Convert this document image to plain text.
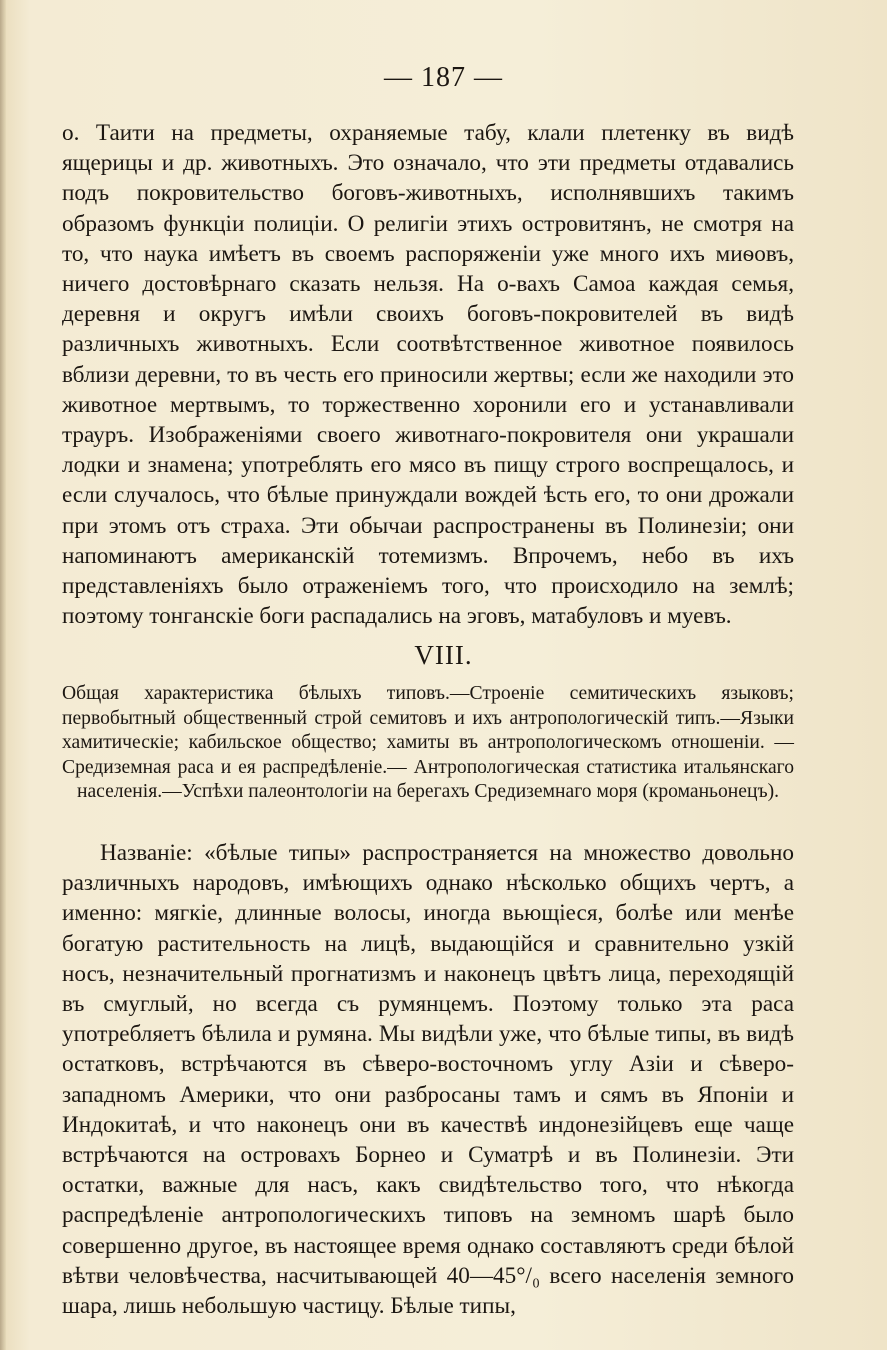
— 187 —

о. Таити на предметы, охраняемые табу, клали плетенку въ видѣ ящерицы и др. животныхъ. Это означало, что эти предметы отдавались подъ покровительство боговъ-животныхъ, исполнявшихъ такимъ образомъ функціи полиціи. О религіи этихъ островитянъ, не смотря на то, что наука имѣетъ въ своемъ распоряженіи уже много ихъ миѳовъ, ничего достовѣрнаго сказать нельзя. На о-вахъ Самоа каждая семья, деревня и округъ имѣли своихъ боговъ-покровителей въ видѣ различныхъ животныхъ. Если соотвѣтственное животное появилось вблизи деревни, то въ честь его приносили жертвы; если же находили это животное мертвымъ, то торжественно хоронили его и устанавливали трауръ. Изображеніями своего животнаго-покровителя они украшали лодки и знамена; употреблять его мясо въ пищу строго воспрещалось, и если случалось, что бѣлые принуждали вождей ѣсть его, то они дрожали при этомъ отъ страха. Эти обычаи распространены въ Полинезіи; они напоминаютъ американскій тотемизмъ. Впрочемъ, небо въ ихъ представленіяхъ было отраженіемъ того, что происходило на землѣ; поэтому тонганскіе боги распадались на эговъ, матабуловъ и муевъ.

VIII.

Общая характеристика бѣлыхъ типовъ.—Строеніе семитическихъ языковъ; первобытный общественный строй семитовъ и ихъ антропологическій типъ.—Языки хамитическіе; кабильское общество; хамиты въ антропологическомъ отношеніи. — Средиземная раса и ея распредѣленіе.— Антропологическая статистика итальянскаго населенія.—Успѣхи палеонтологіи на берегахъ Средиземнаго моря (кроманьонецъ).

Названіе: «бѣлые типы» распространяется на множество довольно различныхъ народовъ, имѣющихъ однако нѣсколько общихъ чертъ, а именно: мягкіе, длинные волосы, иногда вьющіеся, болѣе или менѣе богатую растительность на лицѣ, выдающійся и сравнительно узкій носъ, незначительный прогнатизмъ и наконецъ цвѣтъ лица, переходящій въ смуглый, но всегда съ румянцемъ. Поэтому только эта раса употребляетъ бѣлила и румяна. Мы видѣли уже, что бѣлые типы, въ видѣ остатковъ, встрѣчаются въ сѣверо-восточномъ углу Азіи и сѣверо-западномъ Америки, что они разбросаны тамъ и сямъ въ Японіи и Индокитаѣ, и что наконецъ они въ качествѣ индонезійцевъ еще чаще встрѣчаются на островахъ Борнео и Суматрѣ и въ Полинезіи. Эти остатки, важные для насъ, какъ свидѣтельство того, что нѣкогда распредѣленіе антропологическихъ типовъ на земномъ шарѣ было совершенно другое, въ настоящее время однако составляютъ среди бѣлой вѣтви человѣчества, насчитывающей 40—45°/₀ всего населенія земного шара, лишь небольшую частицу. Бѣлые типы,
